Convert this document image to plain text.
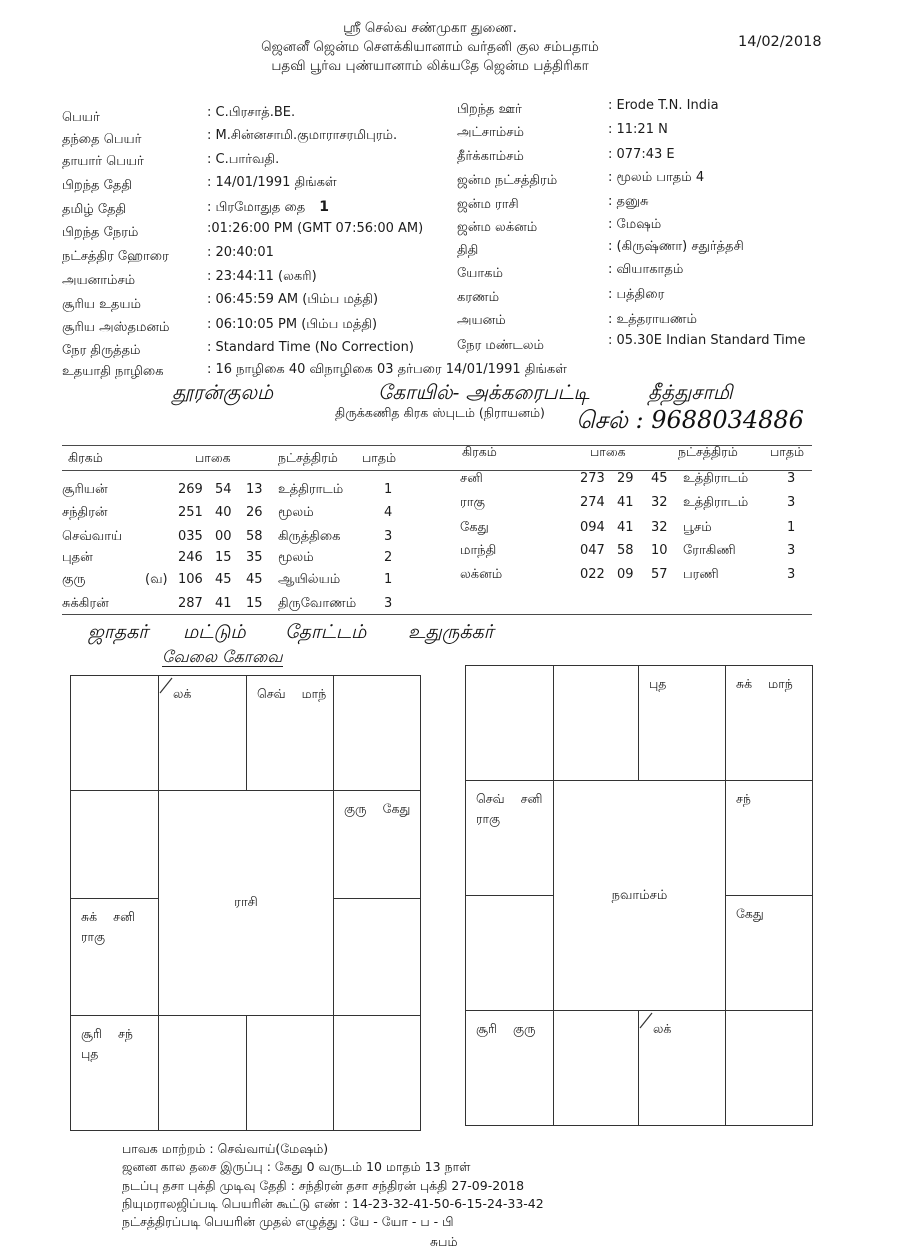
ஸ்ரீ செல்வ சண்முகா துணை.
ஜெனனீ ஜென்ம சௌக்கியானாம் வர்தனி குல சம்பதாம்
பதவி பூர்வ புண்யானாம் லிக்யதே ஜென்ம பத்திரிகா
14/02/2018
திருக்கணித கிரக ஸ்புடம் (நிராயனம்)
சுபம்
பெயர்	: C.பிரசாத்.BE.
தந்தை பெயர்	: M.சின்னசாமி.குமாராசரமிபுரம்.
தாயார் பெயர்	: C.பார்வதி.
பிறந்த தேதி	: 14/01/1991 திங்கள்
தமிழ் தேதி	: பிரமோதுத தை 1
பிறந்த நேரம்	:01:26:00 PM (GMT 07:56:00 AM)
நட்சத்திர ஹோரை	: 20:40:01
அயனாம்சம்	: 23:44:11 (லகரி)
சூரிய உதயம்	: 06:45:59 AM (பிம்ப மத்தி)
சூரிய அஸ்தமனம்	: 06:10:05 PM (பிம்ப மத்தி)
நேர திருத்தம்	: Standard Time (No Correction)
உதயாதி நாழிகை	: 16 நாழிகை 40 விநாழிகை 03 தர்பரை 14/01/1991 திங்கள்
பிறந்த ஊர்	: Erode T.N. India
அட்சாம்சம்	: 11:21 N
தீர்க்காம்சம்	: 077:43 E
ஜன்ம நட்சத்திரம்	: மூலம் பாதம் 4
ஜன்ம ராசி	: தனுசு
ஜன்ம லக்னம்	: மேஷம்
திதி	: (கிருஷ்ணா) சதுர்த்தசி
யோகம்	: வியாகாதம்
கரணம்	: பத்திரை
அயனம்	: உத்தராயணம்
நேர மண்டலம்	: 05.30E Indian Standard Time
தூரன்குலம்	கோயில்- அக்கரைபட்டி	தீத்துசாமி
செல் : 9688034886
ஜாதகர் மட்டும் தோட்டம் உதுருக்கர்
வேலை கோவை
கிரகம்	பாகை	நட்சத்திரம் பாதம்	கிரகம்	பாகை	நட்சத்திரம்	பாதம்
சூரியன்	269 54 13 உத்திராடம்	1
சந்திரன்	251 40 26 மூலம்	4
செவ்வாய்	035 00 58 கிருத்திகை	3
புதன்	246 15 35 மூலம்	2
குரு	(வ) 106 45 45 ஆயில்யம்	1
சுக்கிரன்	287 41 15 திருவோணம் 3
சனி	273 29 45 உத்திராடம்	3
ராகு	274 41 32 உத்திராடம்	3
கேது	094 41 32 பூசம்	1
மாந்தி	047 58 10 ரோகிணி	3
லக்னம்	022 09 57 பரணி	3
லக்	செவ் மாந்
குரு கேது
சூரி சந்
புத
சுக் சனி
ராகு
ராசி
புத	சுக் மாந்
சந்
கேது
லக்
சூரி குரு
செவ் சனி
ராகு
நவாம்சம்
பாவக மாற்றம் : செவ்வாய்(மேஷம்)
ஜனன கால தசை இருப்பு : கேது 0 வருடம் 10 மாதம் 13 நாள்
நடப்பு தசா புக்தி முடிவு தேதி : சந்திரன் தசா சந்திரன் புக்தி 27-09-2018
நியுமராலஜிப்படி பெயரின் கூட்டு எண் : 14-23-32-41-50-6-15-24-33-42
நட்சத்திரப்படி பெயரின் முதல் எழுத்து : யே - யோ - ப - பி
